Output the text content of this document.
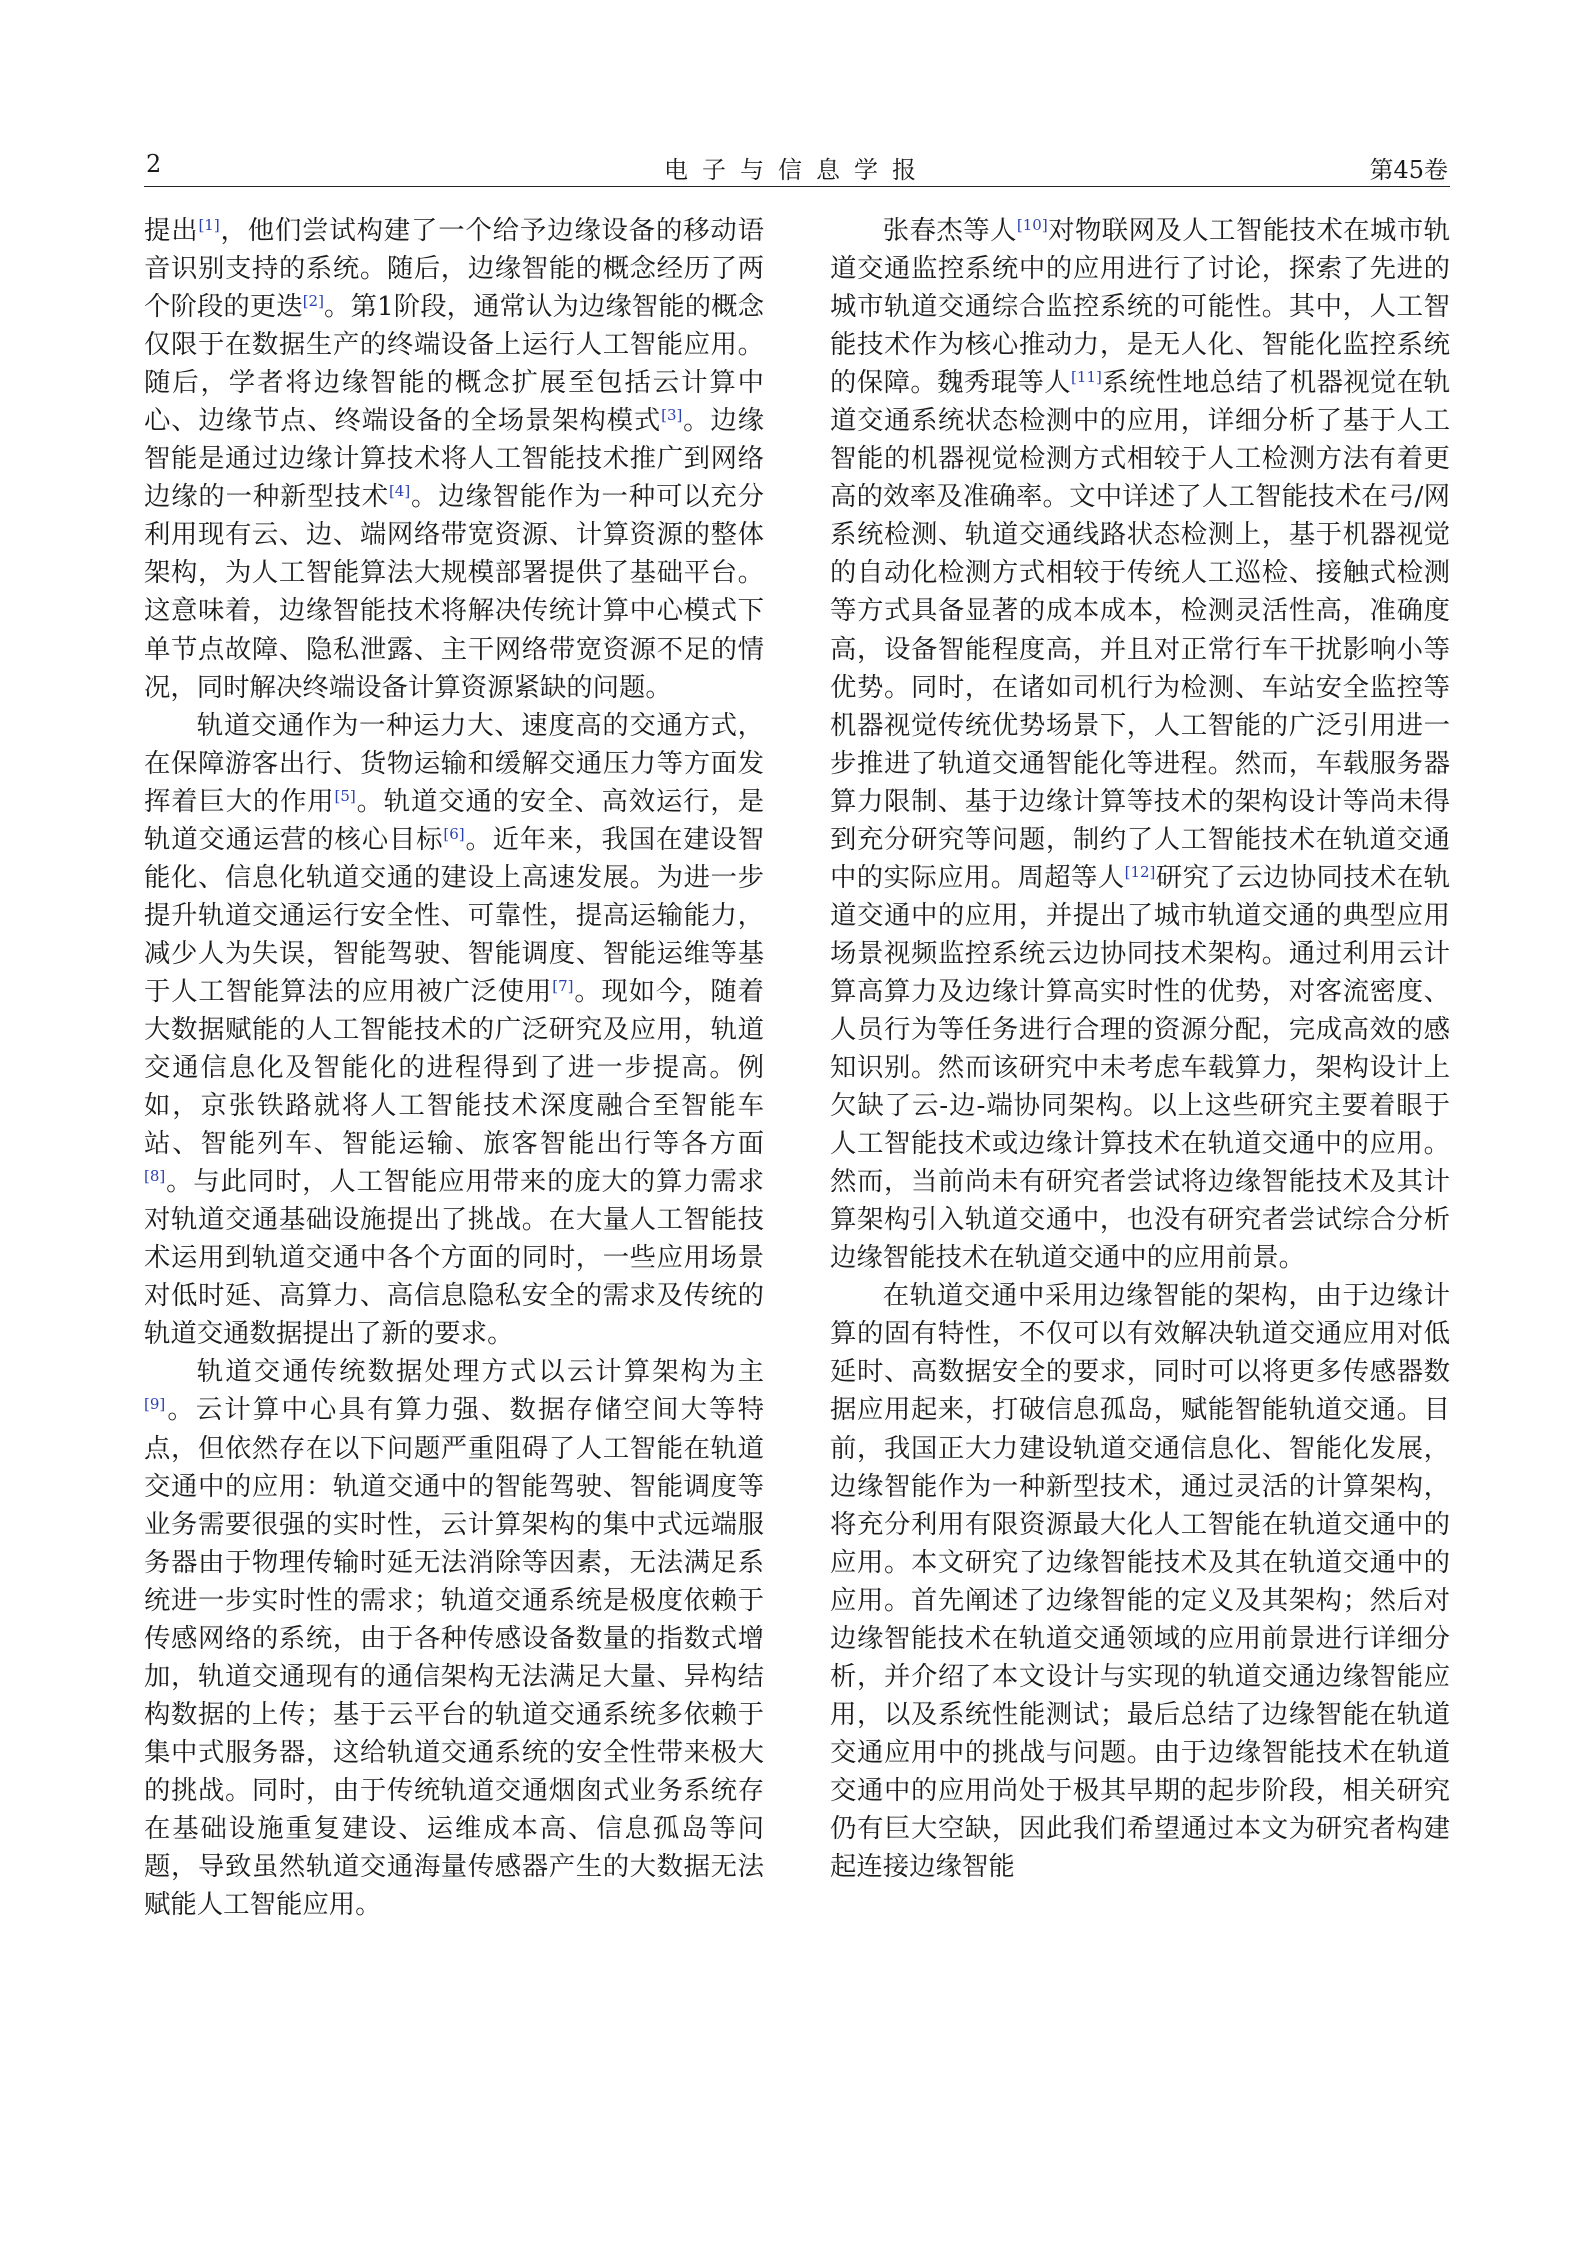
2	电子与信息学报	第45卷

提出[1]，他们尝试构建了一个给予边缘设备的移动语音识别支持的系统。随后，边缘智能的概念经历了两个阶段的更迭[2]。第1阶段，通常认为边缘智能的概念仅限于在数据生产的终端设备上运行人工智能应用。随后，学者将边缘智能的概念扩展至包括云计算中心、边缘节点、终端设备的全场景架构模式[3]。边缘智能是通过边缘计算技术将人工智能技术推广到网络边缘的一种新型技术[4]。边缘智能作为一种可以充分利用现有云、边、端网络带宽资源、计算资源的整体架构，为人工智能算法大规模部署提供了基础平台。这意味着，边缘智能技术将解决传统计算中心模式下单节点故障、隐私泄露、主干网络带宽资源不足的情况，同时解决终端设备计算资源紧缺的问题。

轨道交通作为一种运力大、速度高的交通方式，在保障游客出行、货物运输和缓解交通压力等方面发挥着巨大的作用[5]。轨道交通的安全、高效运行，是轨道交通运营的核心目标[6]。近年来，我国在建设智能化、信息化轨道交通的建设上高速发展。为进一步提升轨道交通运行安全性、可靠性，提高运输能力，减少人为失误，智能驾驶、智能调度、智能运维等基于人工智能算法的应用被广泛使用[7]。现如今，随着大数据赋能的人工智能技术的广泛研究及应用，轨道交通信息化及智能化的进程得到了进一步提高。例如，京张铁路就将人工智能技术深度融合至智能车站、智能列车、智能运输、旅客智能出行等各方面[8]。与此同时，人工智能应用带来的庞大的算力需求对轨道交通基础设施提出了挑战。在大量人工智能技术运用到轨道交通中各个方面的同时，一些应用场景对低时延、高算力、高信息隐私安全的需求及传统的轨道交通数据提出了新的要求。

轨道交通传统数据处理方式以云计算架构为主[9]。云计算中心具有算力强、数据存储空间大等特点，但依然存在以下问题严重阻碍了人工智能在轨道交通中的应用：轨道交通中的智能驾驶、智能调度等业务需要很强的实时性，云计算架构的集中式远端服务器由于物理传输时延无法消除等因素，无法满足系统进一步实时性的需求；轨道交通系统是极度依赖于传感网络的系统，由于各种传感设备数量的指数式增加，轨道交通现有的通信架构无法满足大量、异构结构数据的上传；基于云平台的轨道交通系统多依赖于集中式服务器，这给轨道交通系统的安全性带来极大的挑战。同时，由于传统轨道交通烟囱式业务系统存在基础设施重复建设、运维成本高、信息孤岛等问题，导致虽然轨道交通海量传感器产生的大数据无法赋能人工智能应用。

张春杰等人[10]对物联网及人工智能技术在城市轨道交通监控系统中的应用进行了讨论，探索了先进的城市轨道交通综合监控系统的可能性。其中，人工智能技术作为核心推动力，是无人化、智能化监控系统的保障。魏秀琨等人[11]系统性地总结了机器视觉在轨道交通系统状态检测中的应用，详细分析了基于人工智能的机器视觉检测方式相较于人工检测方法有着更高的效率及准确率。文中详述了人工智能技术在弓/网系统检测、轨道交通线路状态检测上，基于机器视觉的自动化检测方式相较于传统人工巡检、接触式检测等方式具备显著的成本成本，检测灵活性高，准确度高，设备智能程度高，并且对正常行车干扰影响小等优势。同时，在诸如司机行为检测、车站安全监控等机器视觉传统优势场景下，人工智能的广泛引用进一步推进了轨道交通智能化等进程。然而，车载服务器算力限制、基于边缘计算等技术的架构设计等尚未得到充分研究等问题，制约了人工智能技术在轨道交通中的实际应用。周超等人[12]研究了云边协同技术在轨道交通中的应用，并提出了城市轨道交通的典型应用场景视频监控系统云边协同技术架构。通过利用云计算高算力及边缘计算高实时性的优势，对客流密度、人员行为等任务进行合理的资源分配，完成高效的感知识别。然而该研究中未考虑车载算力，架构设计上欠缺了云-边-端协同架构。以上这些研究主要着眼于人工智能技术或边缘计算技术在轨道交通中的应用。然而，当前尚未有研究者尝试将边缘智能技术及其计算架构引入轨道交通中，也没有研究者尝试综合分析边缘智能技术在轨道交通中的应用前景。

在轨道交通中采用边缘智能的架构，由于边缘计算的固有特性，不仅可以有效解决轨道交通应用对低延时、高数据安全的要求，同时可以将更多传感器数据应用起来，打破信息孤岛，赋能智能轨道交通。目前，我国正大力建设轨道交通信息化、智能化发展，边缘智能作为一种新型技术，通过灵活的计算架构，将充分利用有限资源最大化人工智能在轨道交通中的应用。本文研究了边缘智能技术及其在轨道交通中的应用。首先阐述了边缘智能的定义及其架构；然后对边缘智能技术在轨道交通领域的应用前景进行详细分析，并介绍了本文设计与实现的轨道交通边缘智能应用，以及系统性能测试；最后总结了边缘智能在轨道交通应用中的挑战与问题。由于边缘智能技术在轨道交通中的应用尚处于极其早期的起步阶段，相关研究仍有巨大空缺，因此我们希望通过本文为研究者构建起连接边缘智能
